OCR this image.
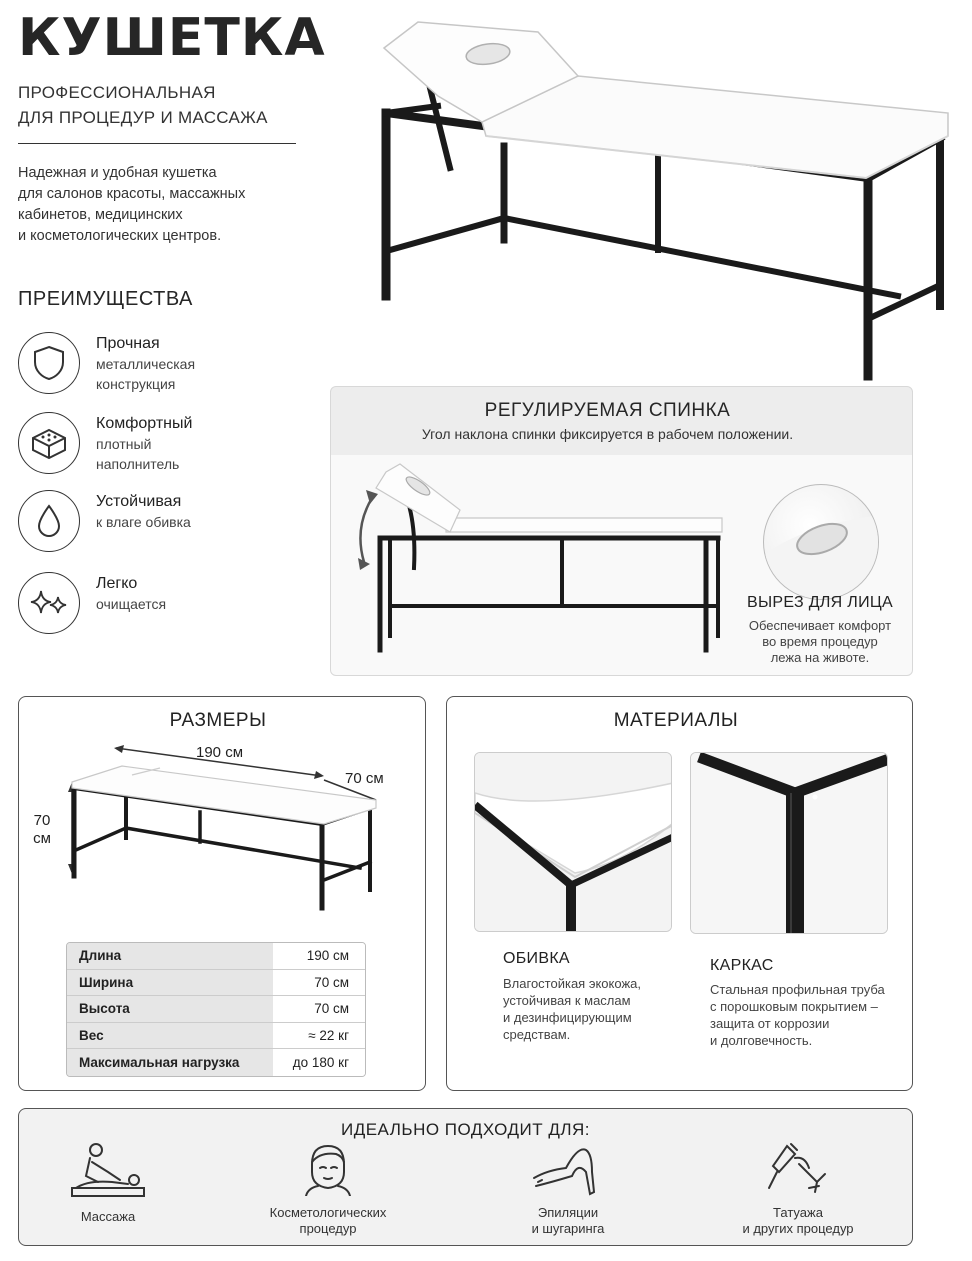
КУШЕТКА
ПРОФЕССИОНАЛЬНАЯ
ДЛЯ ПРОЦЕДУР И МАССАЖА
Надежная и удобная кушетка
для салонов красоты, массажных
кабинетов, медицинских
и косметологических центров.
ПРЕИМУЩЕСТВА
Прочная
металлическая
конструкция
Комфортный
плотный
наполнитель
Устойчивая
к влаге обивка
Легко
очищается
РЕГУЛИРУЕМАЯ СПИНКА
Угол наклона спинки фиксируется в рабочем положении.
ВЫРЕЗ ДЛЯ ЛИЦА
Обеспечивает комфорт
во время процедур
лежа на животе.
РАЗМЕРЫ
190 см
70 см
70
см
Длина	190 см
Ширина	70 см
Высота	70 см
Вес	≈ 22 кг
Максимальная нагрузка	до 180 кг
МАТЕРИАЛЫ
ОБИВКА
Влагостойкая экокожа,
устойчивая к маслам
и дезинфицирующим
средствам.
КАРКАС
Стальная профильная труба
с порошковым покрытием –
защита от коррозии
и долговечность.
ИДЕАЛЬНО ПОДХОДИТ ДЛЯ:
Массажа	Косметологических
процедур
Эпиляции
и шугаринга
Татуажа
и других процедур
